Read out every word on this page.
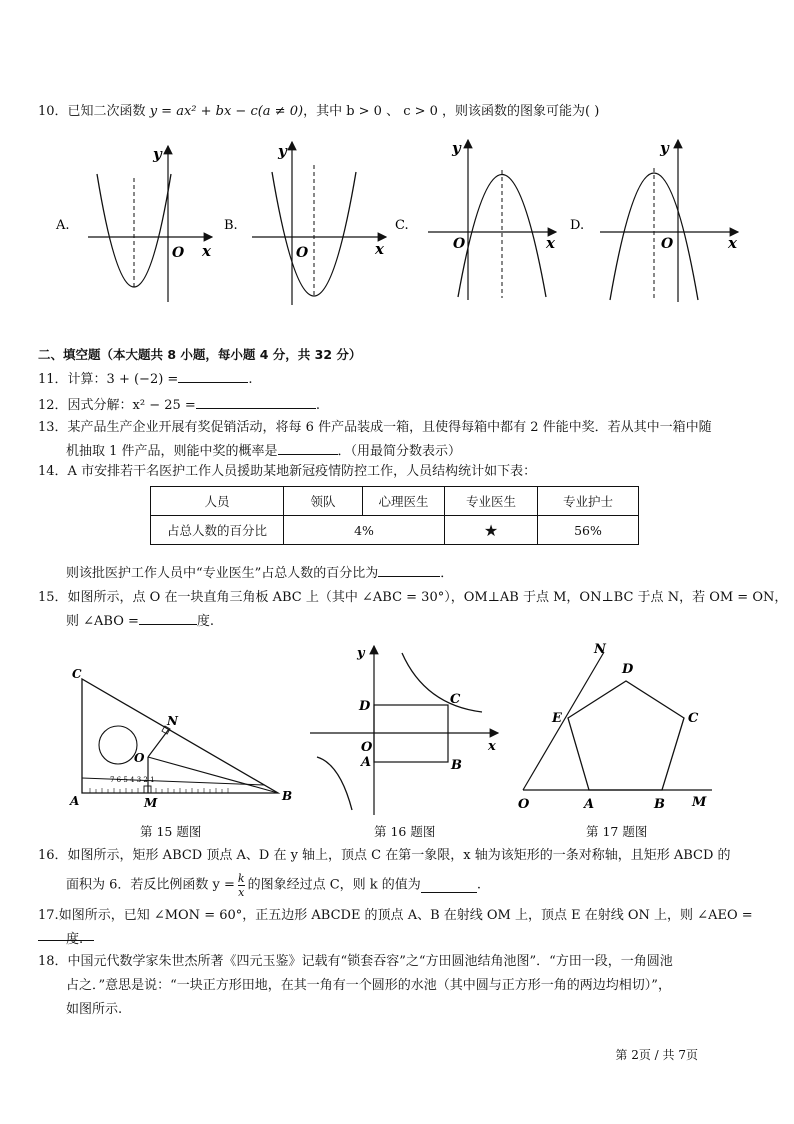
10．已知二次函数 y = ax² + bx − c(a ≠ 0)，其中 b > 0 、 c > 0 ，则该函数的图象可能为( )
A.
y
O x
B.
y
O	x
C.
y
O	x
D.
y
O	x
二、填空题（本大题共 8 小题，每小题 4 分，共 32 分）
11．计算：3 + (−2) =	.
12．因式分解：x² − 25 =	.
13．某产品生产企业开展有奖促销活动，将每 6 件产品装成一箱，且使得每箱中都有 2 件能中奖．若从其中一箱中随
机抽取 1 件产品，则能中奖的概率是	．（用最简分数表示）
14．A 市安排若干名医护工作人员援助某地新冠疫情防控工作，人员结构统计如下表：
人员	领队	心理医生	专业医生	专业护士
占总人数的百分比	4%		★	56%
则该批医护工作人员中“专业医生”占总人数的百分比为	．
15．如图所示，点 O 在一块直角三角板 ABC 上（其中 ∠ABC = 30°），OM⊥AB 于点 M，ON⊥BC 于点 N，若 OM = ON，
则 ∠ABO =	度.
7 6 5 4 3 2 1
C
N
O
A	M	B
y
x
D	C
O
A	B
N
D
E	C
O	A	B M
第 15 题图	第 16 题图	第 17 题图
16．如图所示，矩形 ABCD 顶点 A、D 在 y 轴上，顶点 C 在第一象限，x 轴为该矩形的一条对称轴，且矩形 ABCD 的
面积为 6．若反比例函数 $y = \frac{k}{x}$ 的图象经过点 C，则 k 的值为	.
17.如图所示，已知 ∠MON = 60°，正五边形 ABCDE 的顶点 A、B 在射线 OM 上，顶点 E 在射线 ON 上，则 ∠AEO =
度.
18．中国元代数学家朱世杰所著《四元玉鉴》记载有“锁套吞容”之“方田圆池结角池图”．“方田一段，一角圆池
占之．”意思是说：“一块正方形田地，在其一角有一个圆形的水池（其中圆与正方形一角的两边均相切）”，
如图所示.
第 2页 / 共 7页
